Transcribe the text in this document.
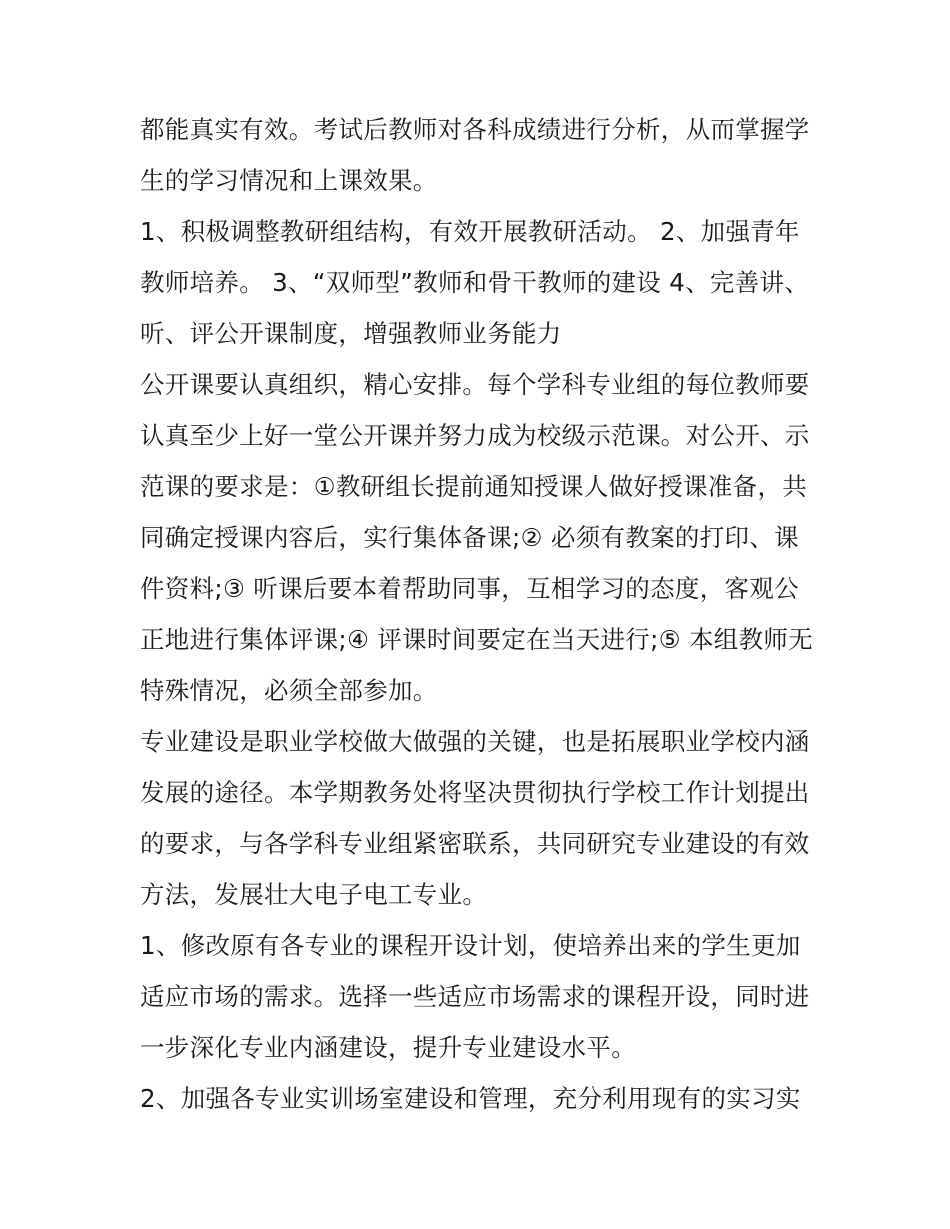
都能真实有效。考试后教师对各科成绩进行分析，从而掌握学生的学习情况和上课效果。

1、积极调整教研组结构，有效开展教研活动。 2、加强青年教师培养。 3、“双师型”教师和骨干教师的建设 4、完善讲、听、评公开课制度，增强教师业务能力

公开课要认真组织，精心安排。每个学科专业组的每位教师要认真至少上好一堂公开课并努力成为校级示范课。对公开、示范课的要求是：①教研组长提前通知授课人做好授课准备，共同确定授课内容后，实行集体备课;② 必须有教案的打印、课件资料;③ 听课后要本着帮助同事，互相学习的态度，客观公正地进行集体评课;④ 评课时间要定在当天进行;⑤ 本组教师无特殊情况，必须全部参加。

专业建设是职业学校做大做强的关键，也是拓展职业学校内涵发展的途径。本学期教务处将坚决贯彻执行学校工作计划提出的要求，与各学科专业组紧密联系，共同研究专业建设的有效方法，发展壮大电子电工专业。

1、修改原有各专业的课程开设计划，使培养出来的学生更加适应市场的需求。选择一些适应市场需求的课程开设，同时进一步深化专业内涵建设，提升专业建设水平。

2、加强各专业实训场室建设和管理，充分利用现有的实习实
